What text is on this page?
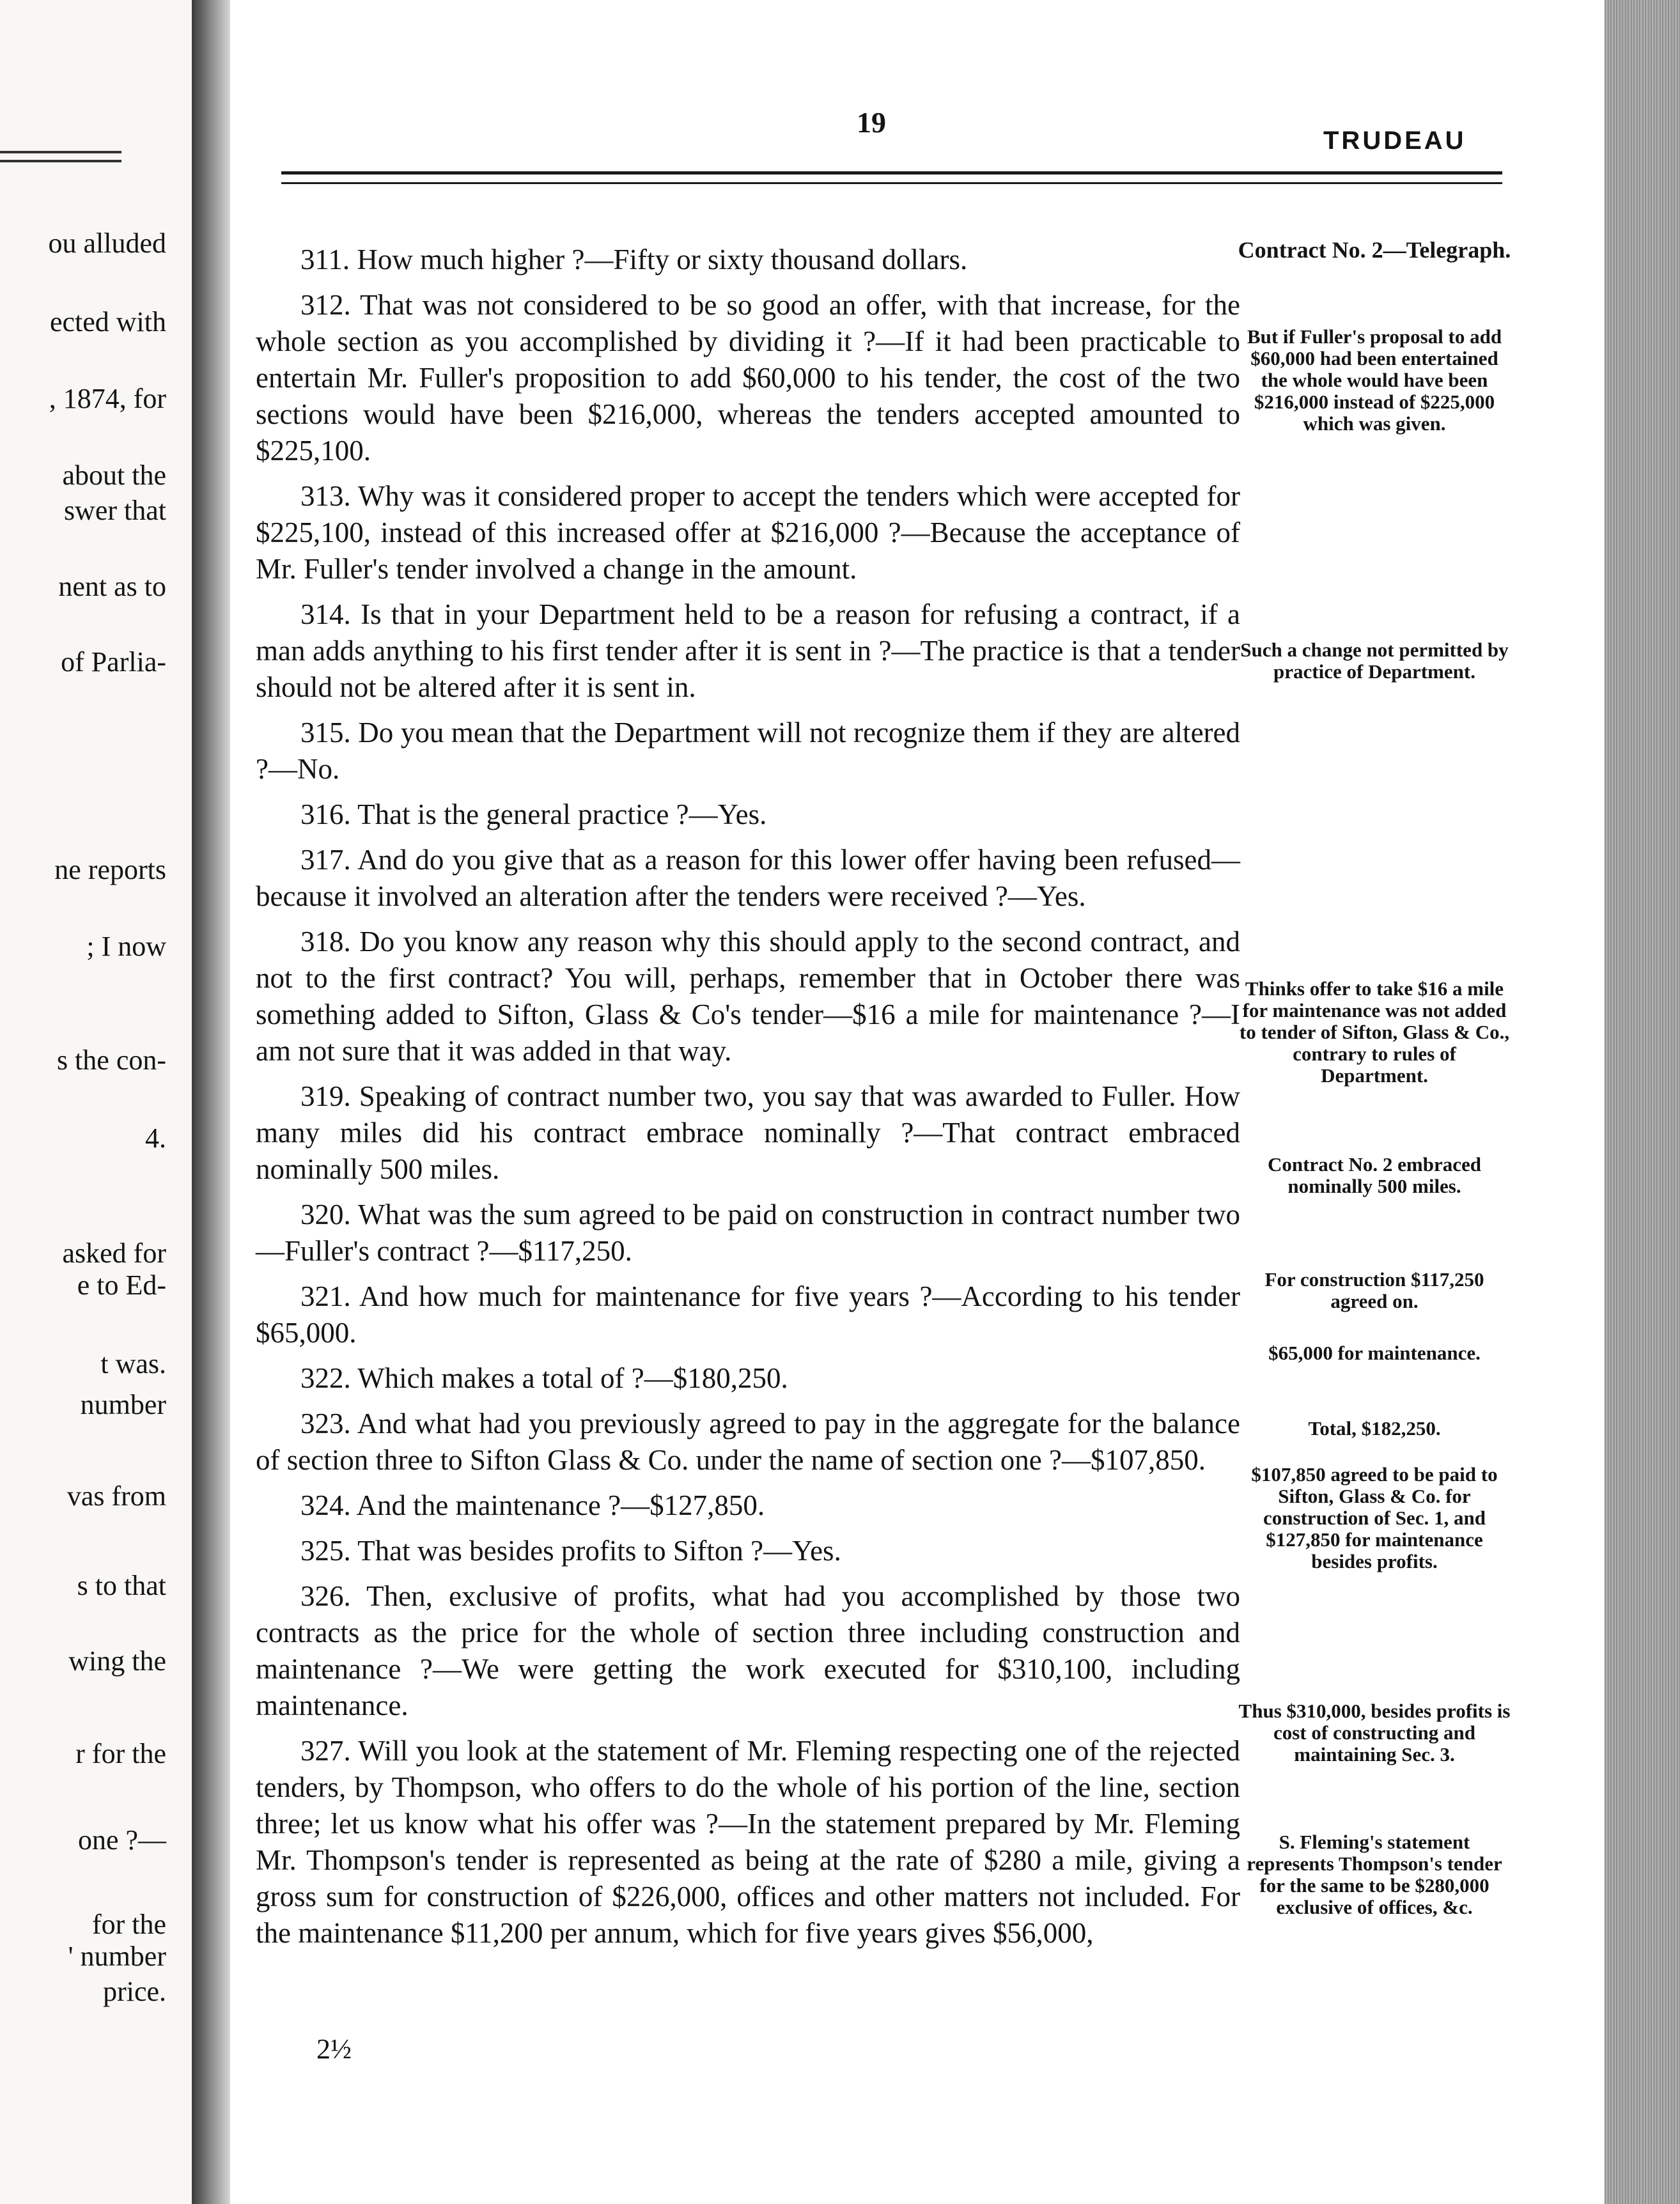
ou alluded
ected with
, 1874, for
about the
swer that
nent as to
of Parlia-
ne reports
; I now
s the con-
4.
asked for
e to Ed-
t was.
number
vas from
s to that
wing the
r for the
one ?—
for the
' number
price.
19
TRUDEAU

311. How much higher ?—Fifty or sixty thousand dollars.

312. That was not considered to be so good an offer, with that increase, for the whole section as you accomplished by dividing it ?—If it had been practicable to entertain Mr. Fuller's proposition to add $60,000 to his tender, the cost of the two sections would have been $216,000, whereas the tenders accepted amounted to $225,100.

313. Why was it considered proper to accept the tenders which were accepted for $225,100, instead of this increased offer at $216,000 ?—Because the acceptance of Mr. Fuller's tender involved a change in the amount.

314. Is that in your Department held to be a reason for refusing a contract, if a man adds anything to his first tender after it is sent in ?—The practice is that a tender should not be altered after it is sent in.

315. Do you mean that the Department will not recognize them if they are altered ?—No.

316. That is the general practice ?—Yes.

317. And do you give that as a reason for this lower offer having been refused—because it involved an alteration after the tenders were received ?—Yes.

318. Do you know any reason why this should apply to the second contract, and not to the first contract? You will, perhaps, remember that in October there was something added to Sifton, Glass & Co's tender—$16 a mile for maintenance ?—I am not sure that it was added in that way.

319. Speaking of contract number two, you say that was awarded to Fuller. How many miles did his contract embrace nominally ?—That contract embraced nominally 500 miles.

320. What was the sum agreed to be paid on construction in contract number two—Fuller's contract ?—$117,250.

321. And how much for maintenance for five years ?—According to his tender $65,000.

322. Which makes a total of ?—$180,250.

323. And what had you previously agreed to pay in the aggregate for the balance of section three to Sifton Glass & Co. under the name of section one ?—$107,850.

324. And the maintenance ?—$127,850.

325. That was besides profits to Sifton ?—Yes.

326. Then, exclusive of profits, what had you accomplished by those two contracts as the price for the whole of section three including construction and maintenance ?—We were getting the work executed for $310,100, including maintenance.

327. Will you look at the statement of Mr. Fleming respecting one of the rejected tenders, by Thompson, who offers to do the whole of his portion of the line, section three; let us know what his offer was ?—In the statement prepared by Mr. Fleming Mr. Thompson's tender is represented as being at the rate of $280 a mile, giving a gross sum for construction of $226,000, offices and other matters not included. For the maintenance $11,200 per annum, which for five years gives $56,000,

Contract No. 2—Telegraph.
But if Fuller's proposal to add $60,000 had been entertained the whole would have been $216,000 instead of $225,000 which was given.
Such a change not permitted by practice of Department.
Thinks offer to take $16 a mile for maintenance was not added to tender of Sifton, Glass & Co., contrary to rules of Department.
Contract No. 2 embraced nominally 500 miles.
For construction $117,250 agreed on.
$65,000 for maintenance.
Total, $182,250.
$107,850 agreed to be paid to Sifton, Glass & Co. for construction of Sec. 1, and $127,850 for maintenance besides profits.
Thus $310,000, besides profits is cost of constructing and maintaining Sec. 3.
S. Fleming's statement represents Thompson's tender for the same to be $280,000 exclusive of offices, &c.
2½
